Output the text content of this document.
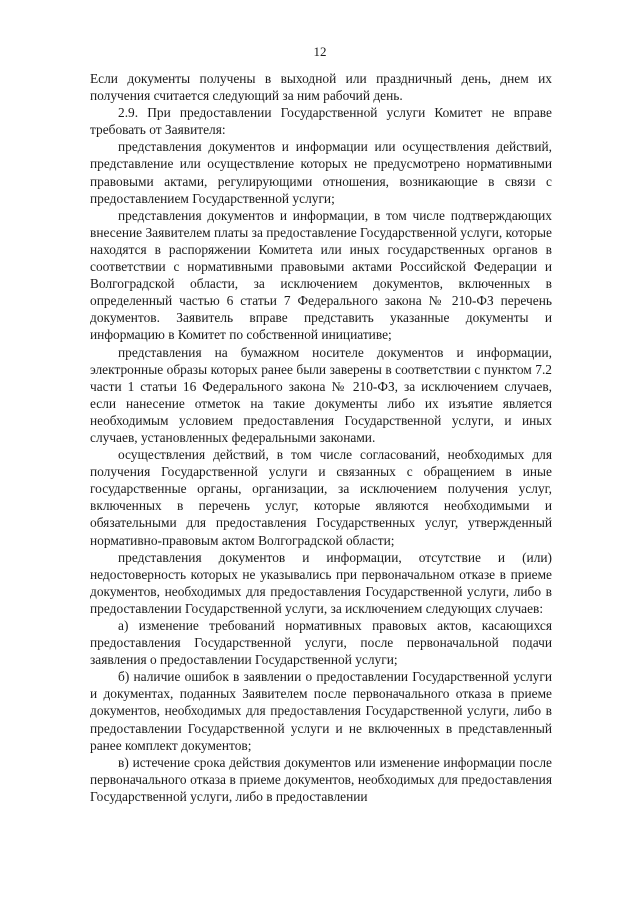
12

Если документы получены в выходной или праздничный день, днем их получения считается следующий за ним рабочий день.

2.9. При предоставлении Государственной услуги Комитет не вправе требовать от Заявителя:

представления документов и информации или осуществления действий, представление или осуществление которых не предусмотрено нормативными правовыми актами, регулирующими отношения, возникающие в связи с предоставлением Государственной услуги;

представления документов и информации, в том числе подтверждающих внесение Заявителем платы за предоставление Государственной услуги, которые находятся в распоряжении Комитета или иных государственных органов в соответствии с нормативными правовыми актами Российской Федерации и Волгоградской области, за исключением документов, включенных в определенный частью 6 статьи 7 Федерального закона № 210-ФЗ перечень документов. Заявитель вправе представить указанные документы и информацию в Комитет по собственной инициативе;

представления на бумажном носителе документов и информации, электронные образы которых ранее были заверены в соответствии с пунктом 7.2 части 1 статьи 16 Федерального закона № 210-ФЗ, за исключением случаев, если нанесение отметок на такие документы либо их изъятие является необходимым условием предоставления Государственной услуги, и иных случаев, установленных федеральными законами.

осуществления действий, в том числе согласований, необходимых для получения Государственной услуги и связанных с обращением в иные государственные органы, организации, за исключением получения услуг, включенных в перечень услуг, которые являются необходимыми и обязательными для предоставления Государственных услуг, утвержденный нормативно-правовым актом Волгоградской области;

представления документов и информации, отсутствие и (или) недостоверность которых не указывались при первоначальном отказе в приеме документов, необходимых для предоставления Государственной услуги, либо в предоставлении Государственной услуги, за исключением следующих случаев:

а) изменение требований нормативных правовых актов, касающихся предоставления Государственной услуги, после первоначальной подачи заявления о предоставлении Государственной услуги;

б) наличие ошибок в заявлении о предоставлении Государственной услуги и документах, поданных Заявителем после первоначального отказа в приеме документов, необходимых для предоставления Государственной услуги, либо в предоставлении Государственной услуги и не включенных в представленный ранее комплект документов;

в) истечение срока действия документов или изменение информации после первоначального отказа в приеме документов, необходимых для предоставления Государственной услуги, либо в предоставлении
